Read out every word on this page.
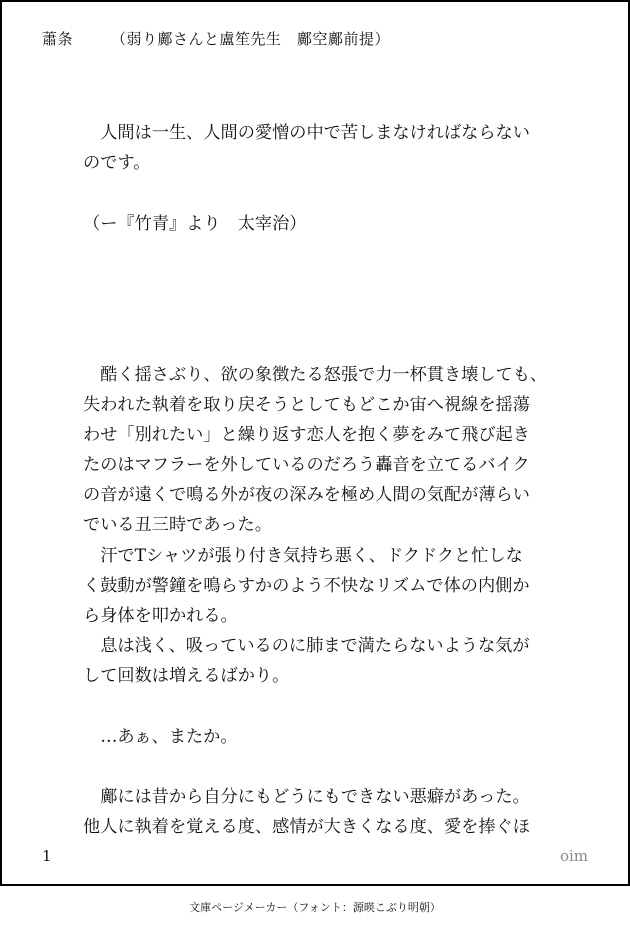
蕭条	（弱り鄺さんと盧笙先生　鄺空鄺前提）
　人間は一生、人間の愛憎の中で苦しまなければならない
のです。
（ー『竹青』より　太宰治）
　酷く揺さぶり、欲の象徴たる怒張で力一杯貫き壊しても、
失われた執着を取り戻そうとしてもどこか宙へ視線を揺蕩
わせ「別れたい」と繰り返す恋人を抱く夢をみて飛び起き
たのはマフラーを外しているのだろう轟音を立てるバイク
の音が遠くで鳴る外が夜の深みを極め人間の気配が薄らい
でいる丑三時であった。
　汗でTシャツが張り付き気持ち悪く、ドクドクと忙しな
く鼓動が警鐘を鳴らすかのよう不快なリズムで体の内側か
ら身体を叩かれる。
　息は浅く、吸っているのに肺まで満たらないような気が
して回数は増えるばかり。
　…あぁ、またか。
　鄺には昔から自分にもどうにもできない悪癖があった。
他人に執着を覚える度、感情が大きくなる度、愛を捧ぐほ
1	oim
文庫ページメーカー（フォント：源暎こぶり明朝）
